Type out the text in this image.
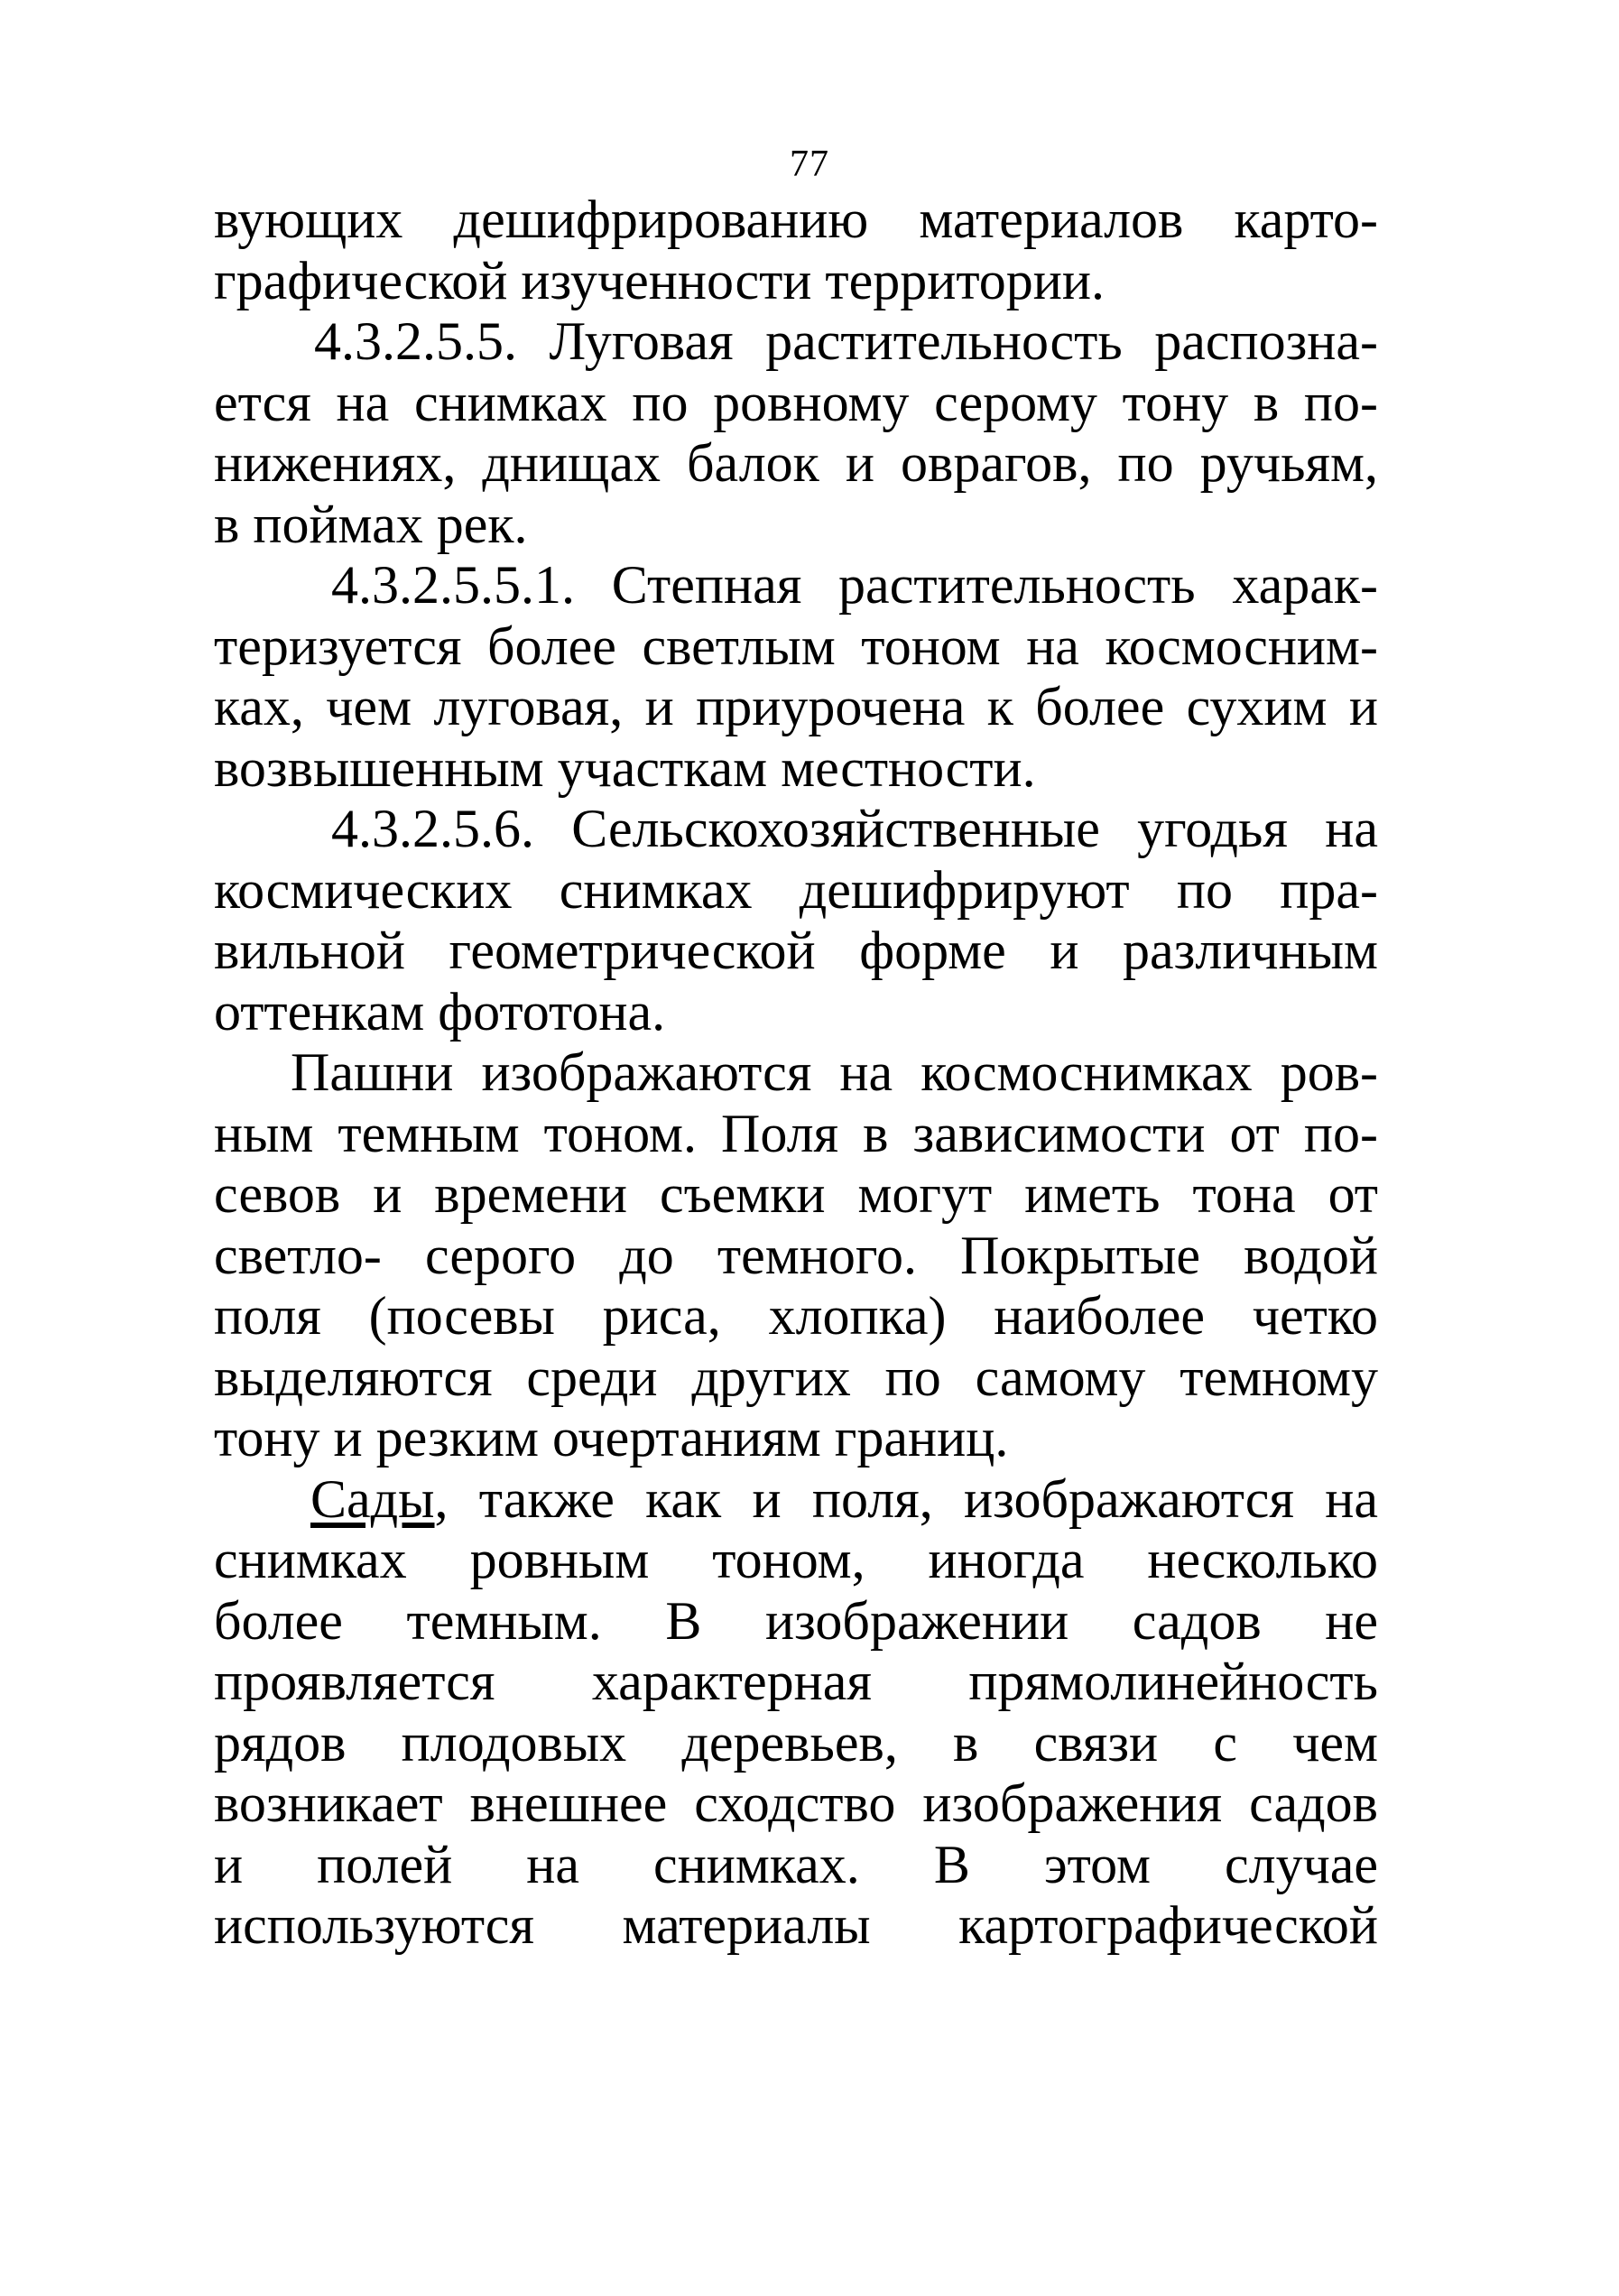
77
вующих дешифрированию материалов карто-
графической изученности территории.
4.3.2.5.5. Луговая растительность распозна-
ется на снимках по ровному серому тону в по-
нижениях, днищах балок и оврагов, по ручьям,
в поймах рек.
4.3.2.5.5.1. Степная растительность харак-
теризуется более светлым тоном на космосним-
ках, чем луговая, и приурочена к более сухим и
возвышенным участкам местности.
4.3.2.5.6. Сельскохозяйственные угодья на
космических снимках дешифрируют по пра-
вильной геометрической форме и различным
оттенкам фототона.
Пашни изображаются на космоснимках ров-
ным темным тоном. Поля в зависимости от по-
севов и времени съемки могут иметь тона от
светло- серого до темного. Покрытые водой
поля (посевы риса, хлопка) наиболее четко
выделяются среди других по самому темному
тону и резким очертаниям границ.
Сады, также как и поля, изображаются на
снимках ровным тоном, иногда несколько
более темным. В изображении садов не
проявляется характерная прямолинейность
рядов плодовых деревьев, в связи с чем
возникает внешнее сходство изображения садов
и полей на снимках. В этом случае
используются материалы картографической
